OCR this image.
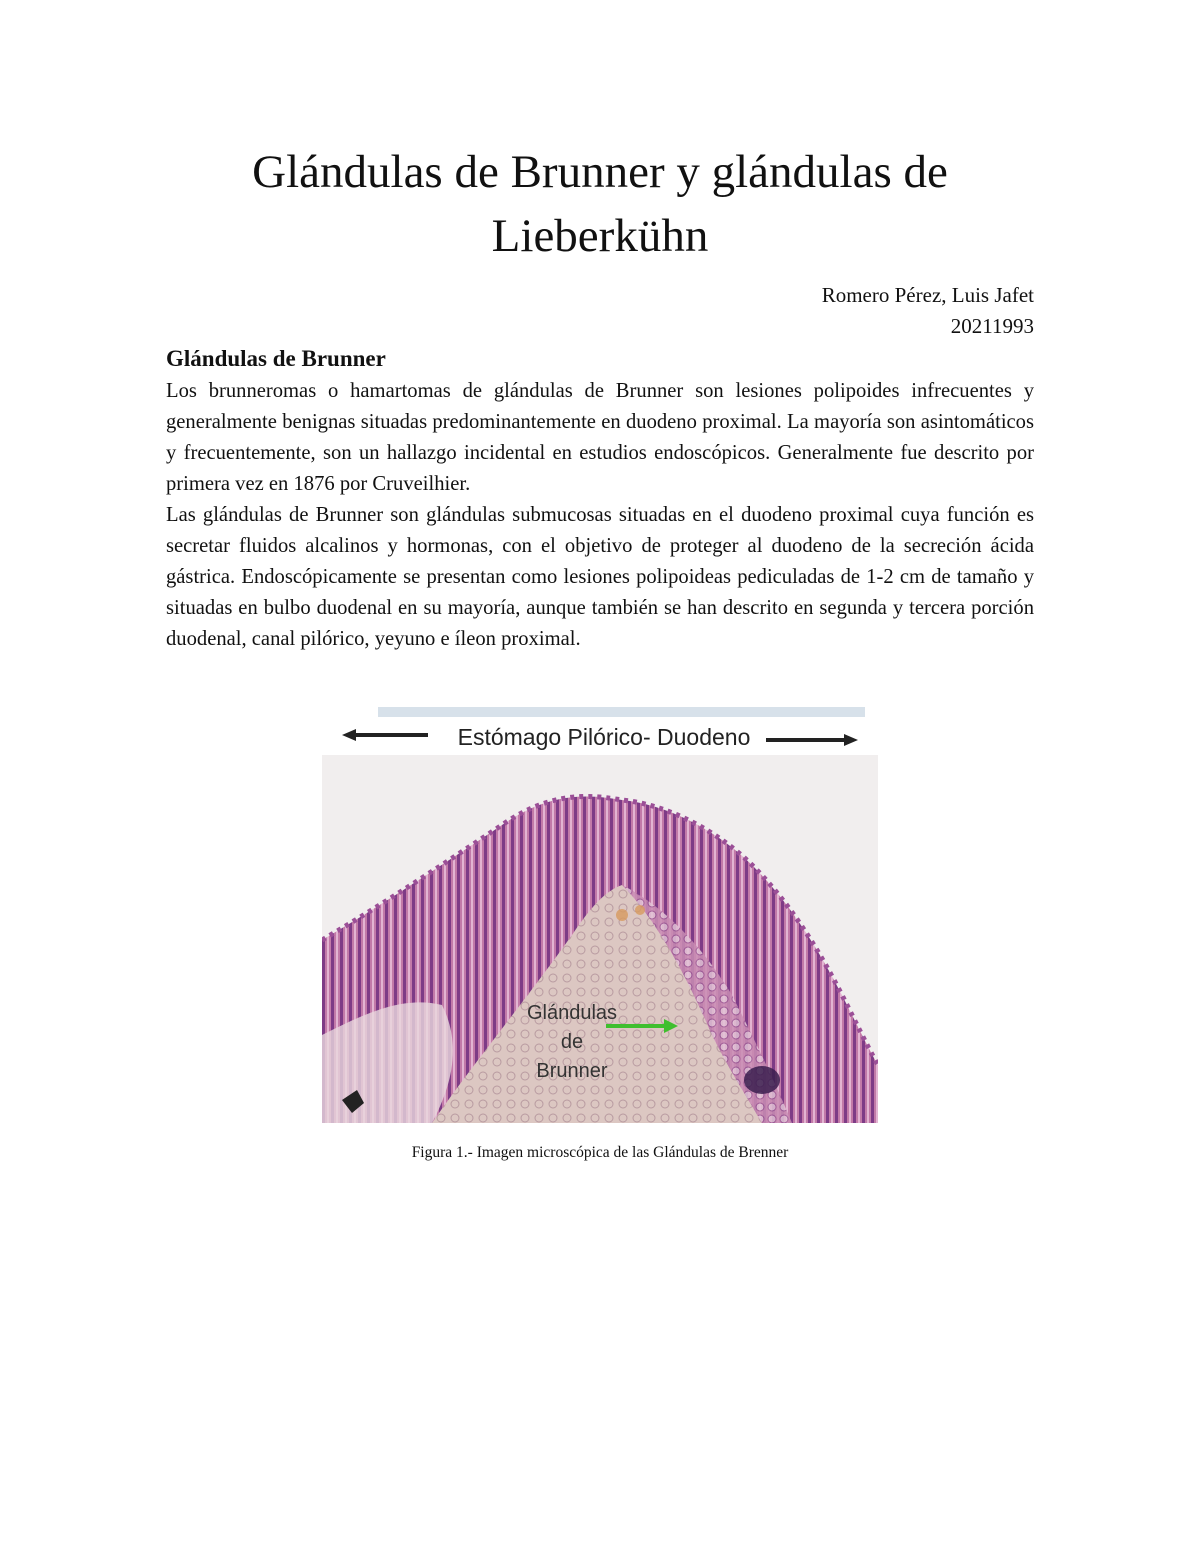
Glándulas de Brunner y glándulas de Lieberkühn
Romero Pérez, Luis Jafet
20211993
Glándulas de Brunner

Los brunneromas o hamartomas de glándulas de Brunner son lesiones polipoides infrecuentes y generalmente benignas situadas predominantemente en duodeno proximal. La mayoría son asintomáticos y frecuentemente, son un hallazgo incidental en estudios endoscópicos. Generalmente fue descrito por primera vez en 1876 por Cruveilhier.

Las glándulas de Brunner son glándulas submucosas situadas en el duodeno proximal cuya función es secretar fluidos alcalinos y hormonas, con el objetivo de proteger al duodeno de la secreción ácida gástrica. Endoscópicamente se presentan como lesiones polipoideas pediculadas de 1-2 cm de tamaño y situadas en bulbo duodenal en su mayoría, aunque también se han descrito en segunda y tercera porción duodenal, canal pilórico, yeyuno e íleon proximal.

Estómago Pilórico- Duodeno
Glándulas
de
Brunner
Figura 1.- Imagen microscópica de las Glándulas de Brenner
